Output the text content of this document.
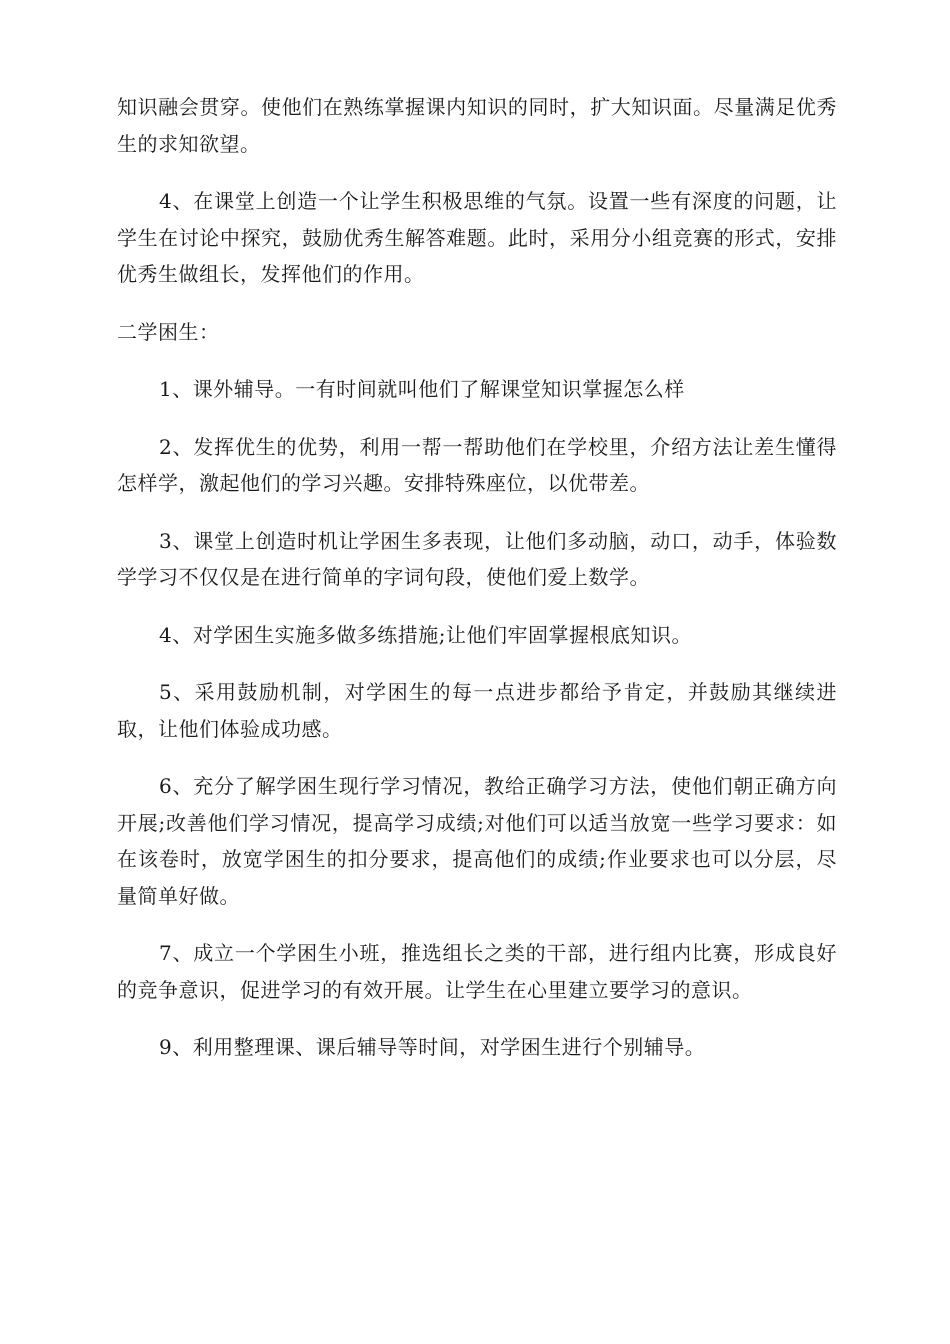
知识融会贯穿。使他们在熟练掌握课内知识的同时，扩大知识面。尽量满足优秀生的求知欲望。

4、在课堂上创造一个让学生积极思维的气氛。设置一些有深度的问题，让学生在讨论中探究，鼓励优秀生解答难题。此时，采用分小组竞赛的形式，安排优秀生做组长，发挥他们的作用。

二学困生：

1、课外辅导。一有时间就叫他们了解课堂知识掌握怎么样

2、发挥优生的优势，利用一帮一帮助他们在学校里，介绍方法让差生懂得怎样学，激起他们的学习兴趣。安排特殊座位，以优带差。

3、课堂上创造时机让学困生多表现，让他们多动脑，动口，动手，体验数学学习不仅仅是在进行简单的字词句段，使他们爱上数学。

4、对学困生实施多做多练措施;让他们牢固掌握根底知识。

5、采用鼓励机制，对学困生的每一点进步都给予肯定，并鼓励其继续进取，让他们体验成功感。

6、充分了解学困生现行学习情况，教给正确学习方法，使他们朝正确方向开展;改善他们学习情况，提高学习成绩;对他们可以适当放宽一些学习要求：如在该卷时，放宽学困生的扣分要求，提高他们的成绩;作业要求也可以分层，尽量简单好做。

7、成立一个学困生小班，推选组长之类的干部，进行组内比赛，形成良好的竞争意识，促进学习的有效开展。让学生在心里建立要学习的意识。

9、利用整理课、课后辅导等时间，对学困生进行个别辅导。
